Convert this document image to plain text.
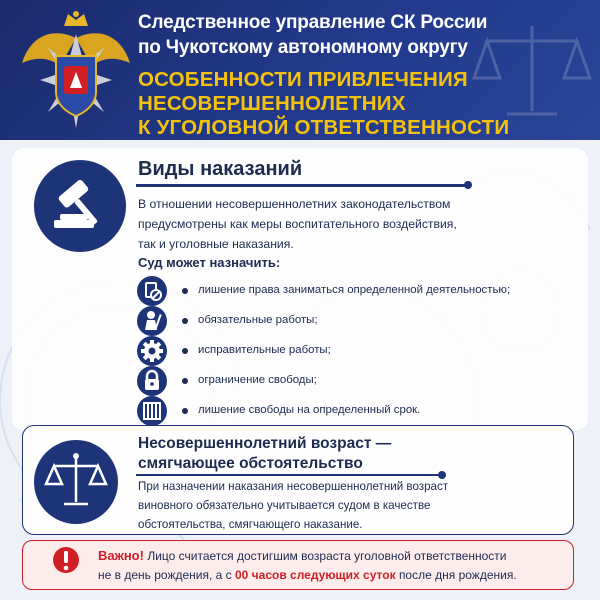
Следственное управление СК России
по Чукотскому автономному округу
ОСОБЕННОСТИ ПРИВЛЕЧЕНИЯ
НЕСОВЕРШЕННОЛЕТНИХ
К УГОЛОВНОЙ ОТВЕТСТВЕННОСТИ
Виды наказаний
В отношении несовершеннолетних законодательством
предусмотрены как меры воспитательного воздействия,
так и уголовные наказания.
Суд может назначить:
лишение права заниматься определенной деятельностью;
обязательные работы;
исправительные работы;
ограничение свободы;
лишение свободы на определенный срок.
Несовершеннолетний возраст —
смягчающее обстоятельство
При назначении наказания несовершеннолетний возраст
виновного обязательно учитывается судом в качестве
обстоятельства, смягчающего наказание.
Важно! Лицо считается достигшим возраста уголовной ответственности
не в день рождения, а с 00 часов следующих суток после дня рождения.
